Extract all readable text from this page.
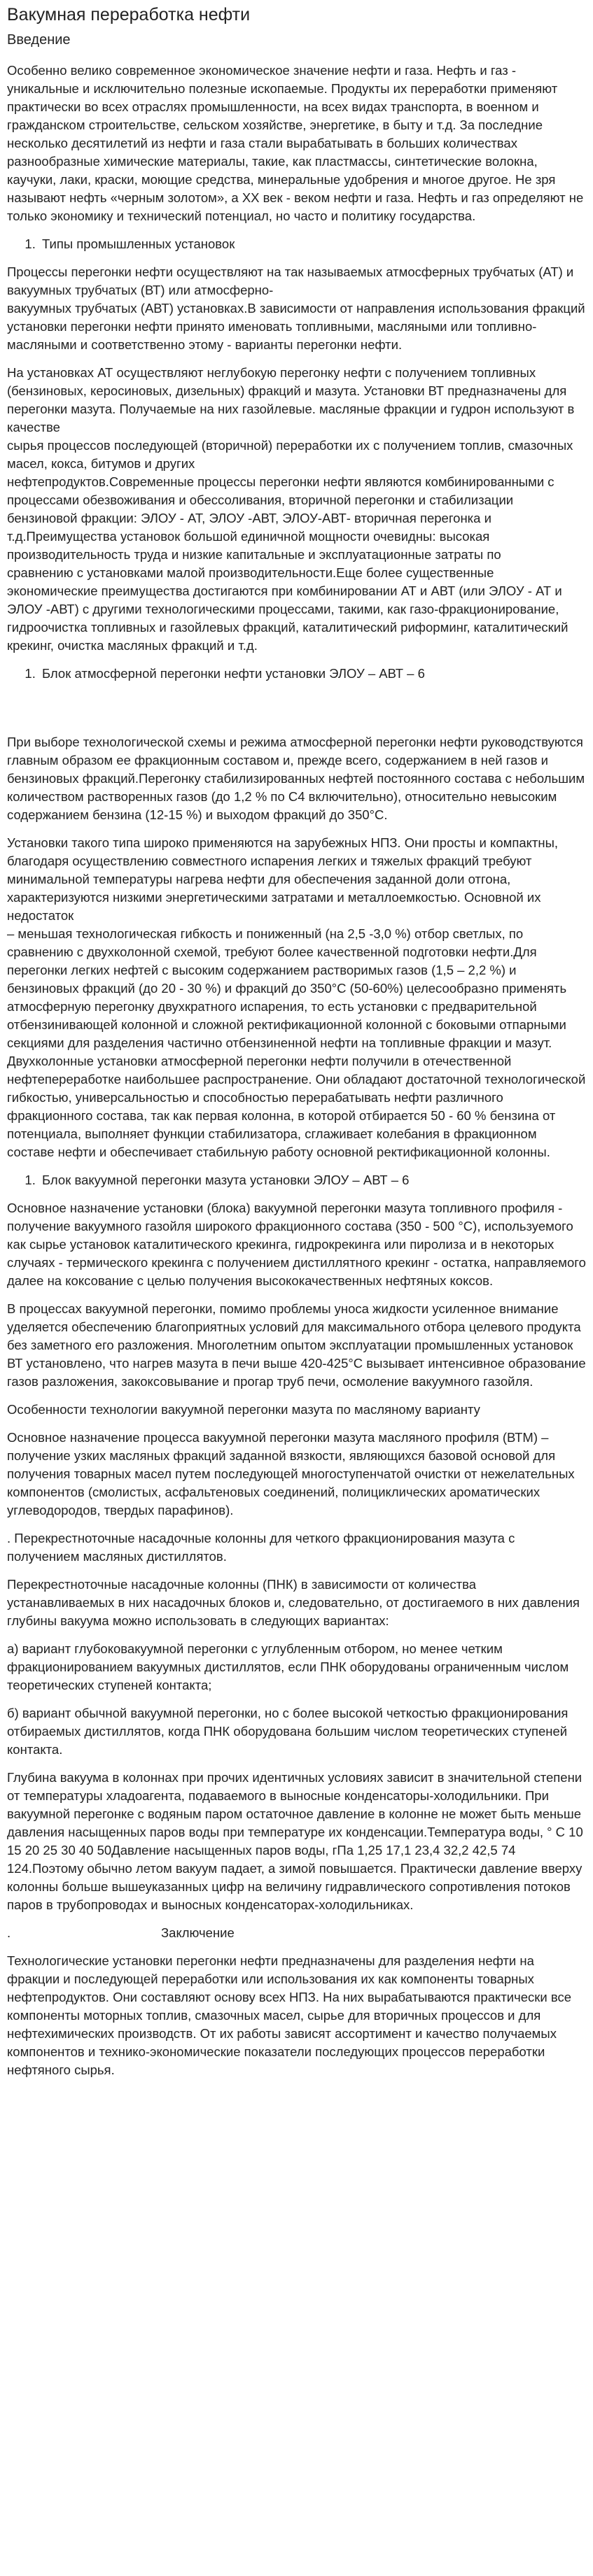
Вакумная переработка нефти
Введение

Особенно велико современное экономическое значение нефти и газа. Нефть и газ - уникальные и исключительно полезные ископаемые. Продукты их переработки применяют практически во всех отраслях промышленности, на всех видах транспорта, в военном и гражданском строительстве, сельском хозяйстве, энергетике, в быту и т.д. За последние несколько десятилетий из нефти и газа стали вырабатывать в больших количествах разнообразные химические материалы, такие, как пластмассы, синтетические волокна, каучуки, лаки, краски, моющие средства, минеральные удобрения и многое другое. Не зря называют нефть «черным золотом», а XX век - веком нефти и газа. Нефть и газ определяют не только экономику и технический потенциал, но часто и политику государства.

1. Типы промышленных установок

Процессы перегонки нефти осуществляют на так называемых атмосферных трубчатых (АТ) и вакуумных трубчатых (ВТ) или атмосферно-
вакуумных трубчатых (АВТ) установках.В зависимости от направления использования фракций установки перегонки нефти принято именовать топливными, масляными или топливно-масляными и соответственно этому - варианты перегонки нефти.

На установках АТ осуществляют неглубокую перегонку нефти с получением топливных (бензиновых, керосиновых, дизельных) фракций и мазута. Установки ВТ предназначены для перегонки мазута. Получаемые на них газойлевые. масляные фракции и гудрон используют в качестве
сырья процессов последующей (вторичной) переработки их с получением топлив, смазочных масел, кокса, битумов и других
нефтепродуктов.Современные процессы перегонки нефти являются комбинированными с процессами обезвоживания и обессоливания, вторичной перегонки и стабилизации бензиновой фракции: ЭЛОУ - АТ, ЭЛОУ -АВТ, ЭЛОУ-АВТ- вторичная перегонка и т.д.Преимущества установок большой единичной мощности очевидны: высокая производительность труда и низкие капитальные и эксплуатационные затраты по
сравнению с установками малой производительности.Еще более существенные экономические преимущества достигаются при комбинировании АТ и АВТ (или ЭЛОУ - АТ и ЭЛОУ -АВТ) с другими технологическими процессами, такими, как газо-фракционирование, гидроочистка топливных и газойлевых фракций, каталитический риформинг, каталитический крекинг, очистка масляных фракций и т.д.

1. Блок атмосферной перегонки нефти установки ЭЛОУ – АВТ – 6

При выборе технологической схемы и режима атмосферной перегонки нефти руководствуются главным образом ее фракционным составом и, прежде всего, содержанием в ней газов и бензиновых фракций.Перегонку стабилизированных нефтей постоянного состава с небольшим количеством растворенных газов (до 1,2 % по С4 включительно), относительно невысоким содержанием бензина (12-15 %) и выходом фракций до 350°С.

Установки такого типа широко применяются на зарубежных НПЗ. Они просты и компактны, благодаря осуществлению совместного испарения легких и тяжелых фракций требуют минимальной температуры нагрева нефти для обеспечения заданной доли отгона, характеризуются низкими энергетическими затратами и металлоемкостью. Основной их недостаток
– меньшая технологическая гибкость и пониженный (на 2,5 -3,0 %) отбор светлых, по сравнению с двухколонной схемой, требуют более качественной подготовки нефти.Для перегонки легких нефтей с высоким содержанием растворимых газов (1,5 – 2,2 %) и бензиновых фракций (до 20 - 30 %) и фракций до 350°С (50-60%) целесообразно применять атмосферную перегонку двухкратного испарения, то есть установки с предварительной отбензинивающей колонной и сложной ректификационной колонной с боковыми отпарными секциями для разделения частично отбензиненной нефти на топливные фракции и мазут. Двухколонные установки атмосферной перегонки нефти получили в отечественной нефтепереработке наибольшее распространение. Они обладают достаточной технологической гибкостью, универсальностью и способностью перерабатывать нефти различного фракционного состава, так как первая колонна, в которой отбирается 50 - 60 % бензина от потенциала, выполняет функции стабилизатора, сглаживает колебания в фракционном составе нефти и обеспечивает стабильную работу основной ректификационной колонны.

1. Блок вакуумной перегонки мазута установки ЭЛОУ – АВТ – 6

Основное назначение установки (блока) вакуумной перегонки мазута топливного профиля - получение вакуумного газойля широкого фракционного состава (350 - 500 °С), используемого как сырье установок каталитического крекинга, гидрокрекинга или пиролиза и в некоторых случаях - термического крекинга с получением дистиллятного крекинг - остатка, направляемого далее на коксование с целью получения высококачественных нефтяных коксов.

В процессах вакуумной перегонки, помимо проблемы уноса жидкости усиленное внимание уделяется обеспечению благоприятных условий для максимального отбора целевого продукта без заметного его разложения. Многолетним опытом эксплуатации промышленных установок ВТ установлено, что нагрев мазута в печи выше 420-425°С вызывает интенсивное образование газов разложения, закоксовывание и прогар труб печи, осмоление вакуумного газойля.

Особенности технологии вакуумной перегонки мазута по масляному варианту

Основное назначение процесса вакуумной перегонки мазута масляного профиля (ВТМ) – получение узких масляных фракций заданной вязкости, являющихся базовой основой для получения товарных масел путем последующей многоступенчатой очистки от нежелательных компонентов (смолистых, асфальтеновых соединений, полициклических ароматических углеводородов, твердых парафинов).

. Перекрестноточные насадочные колонны для четкого фракционирования мазута с получением масляных дистиллятов.

Перекрестноточные насадочные колонны (ПНК) в зависимости от количества устанавливаемых в них насадочных блоков и, следовательно, от достигаемого в них давления глубины вакуума можно использовать в следующих вариантах:

а) вариант глубоковакуумной перегонки с углубленным отбором, но менее четким фракционированием вакуумных дистиллятов, если ПНК оборудованы ограниченным числом теоретических ступеней контакта;

б) вариант обычной вакуумной перегонки, но с более высокой четкостью фракционирования отбираемых дистиллятов, когда ПНК оборудована большим числом теоретических ступеней контакта.

Глубина вакуума в колоннах при прочих идентичных условиях зависит в значительной степени от температуры хладоагента, подаваемого в выносные конденсаторы-холодильники. При вакуумной перегонке с водяным паром остаточное давление в колонне не может быть меньше давления насыщенных паров воды при температуре их конденсации.Температура воды, ° С 10 15 20 25 30 40 50Давление насыщенных паров воды, гПа 1,25 17,1 23,4 32,2 42,5 74 124.Поэтому обычно летом вакуум падает, а зимой повышается. Практически давление вверху колонны больше вышеуказанных цифр на величину гидравлического сопротивления потоков паров в трубопроводах и выносных конденсаторах-холодильниках.

.	Заключение

Технологические установки перегонки нефти предназначены для разделения нефти на фракции и последующей переработки или использования их как компоненты товарных нефтепродуктов. Они составляют основу всех НПЗ. На них вырабатываются практически все компоненты моторных топлив, смазочных масел, сырье для вторичных процессов и для нефтехимических производств. От их работы зависят ассортимент и качество получаемых компонентов и технико-экономические показатели последующих процессов переработки нефтяного сырья.
